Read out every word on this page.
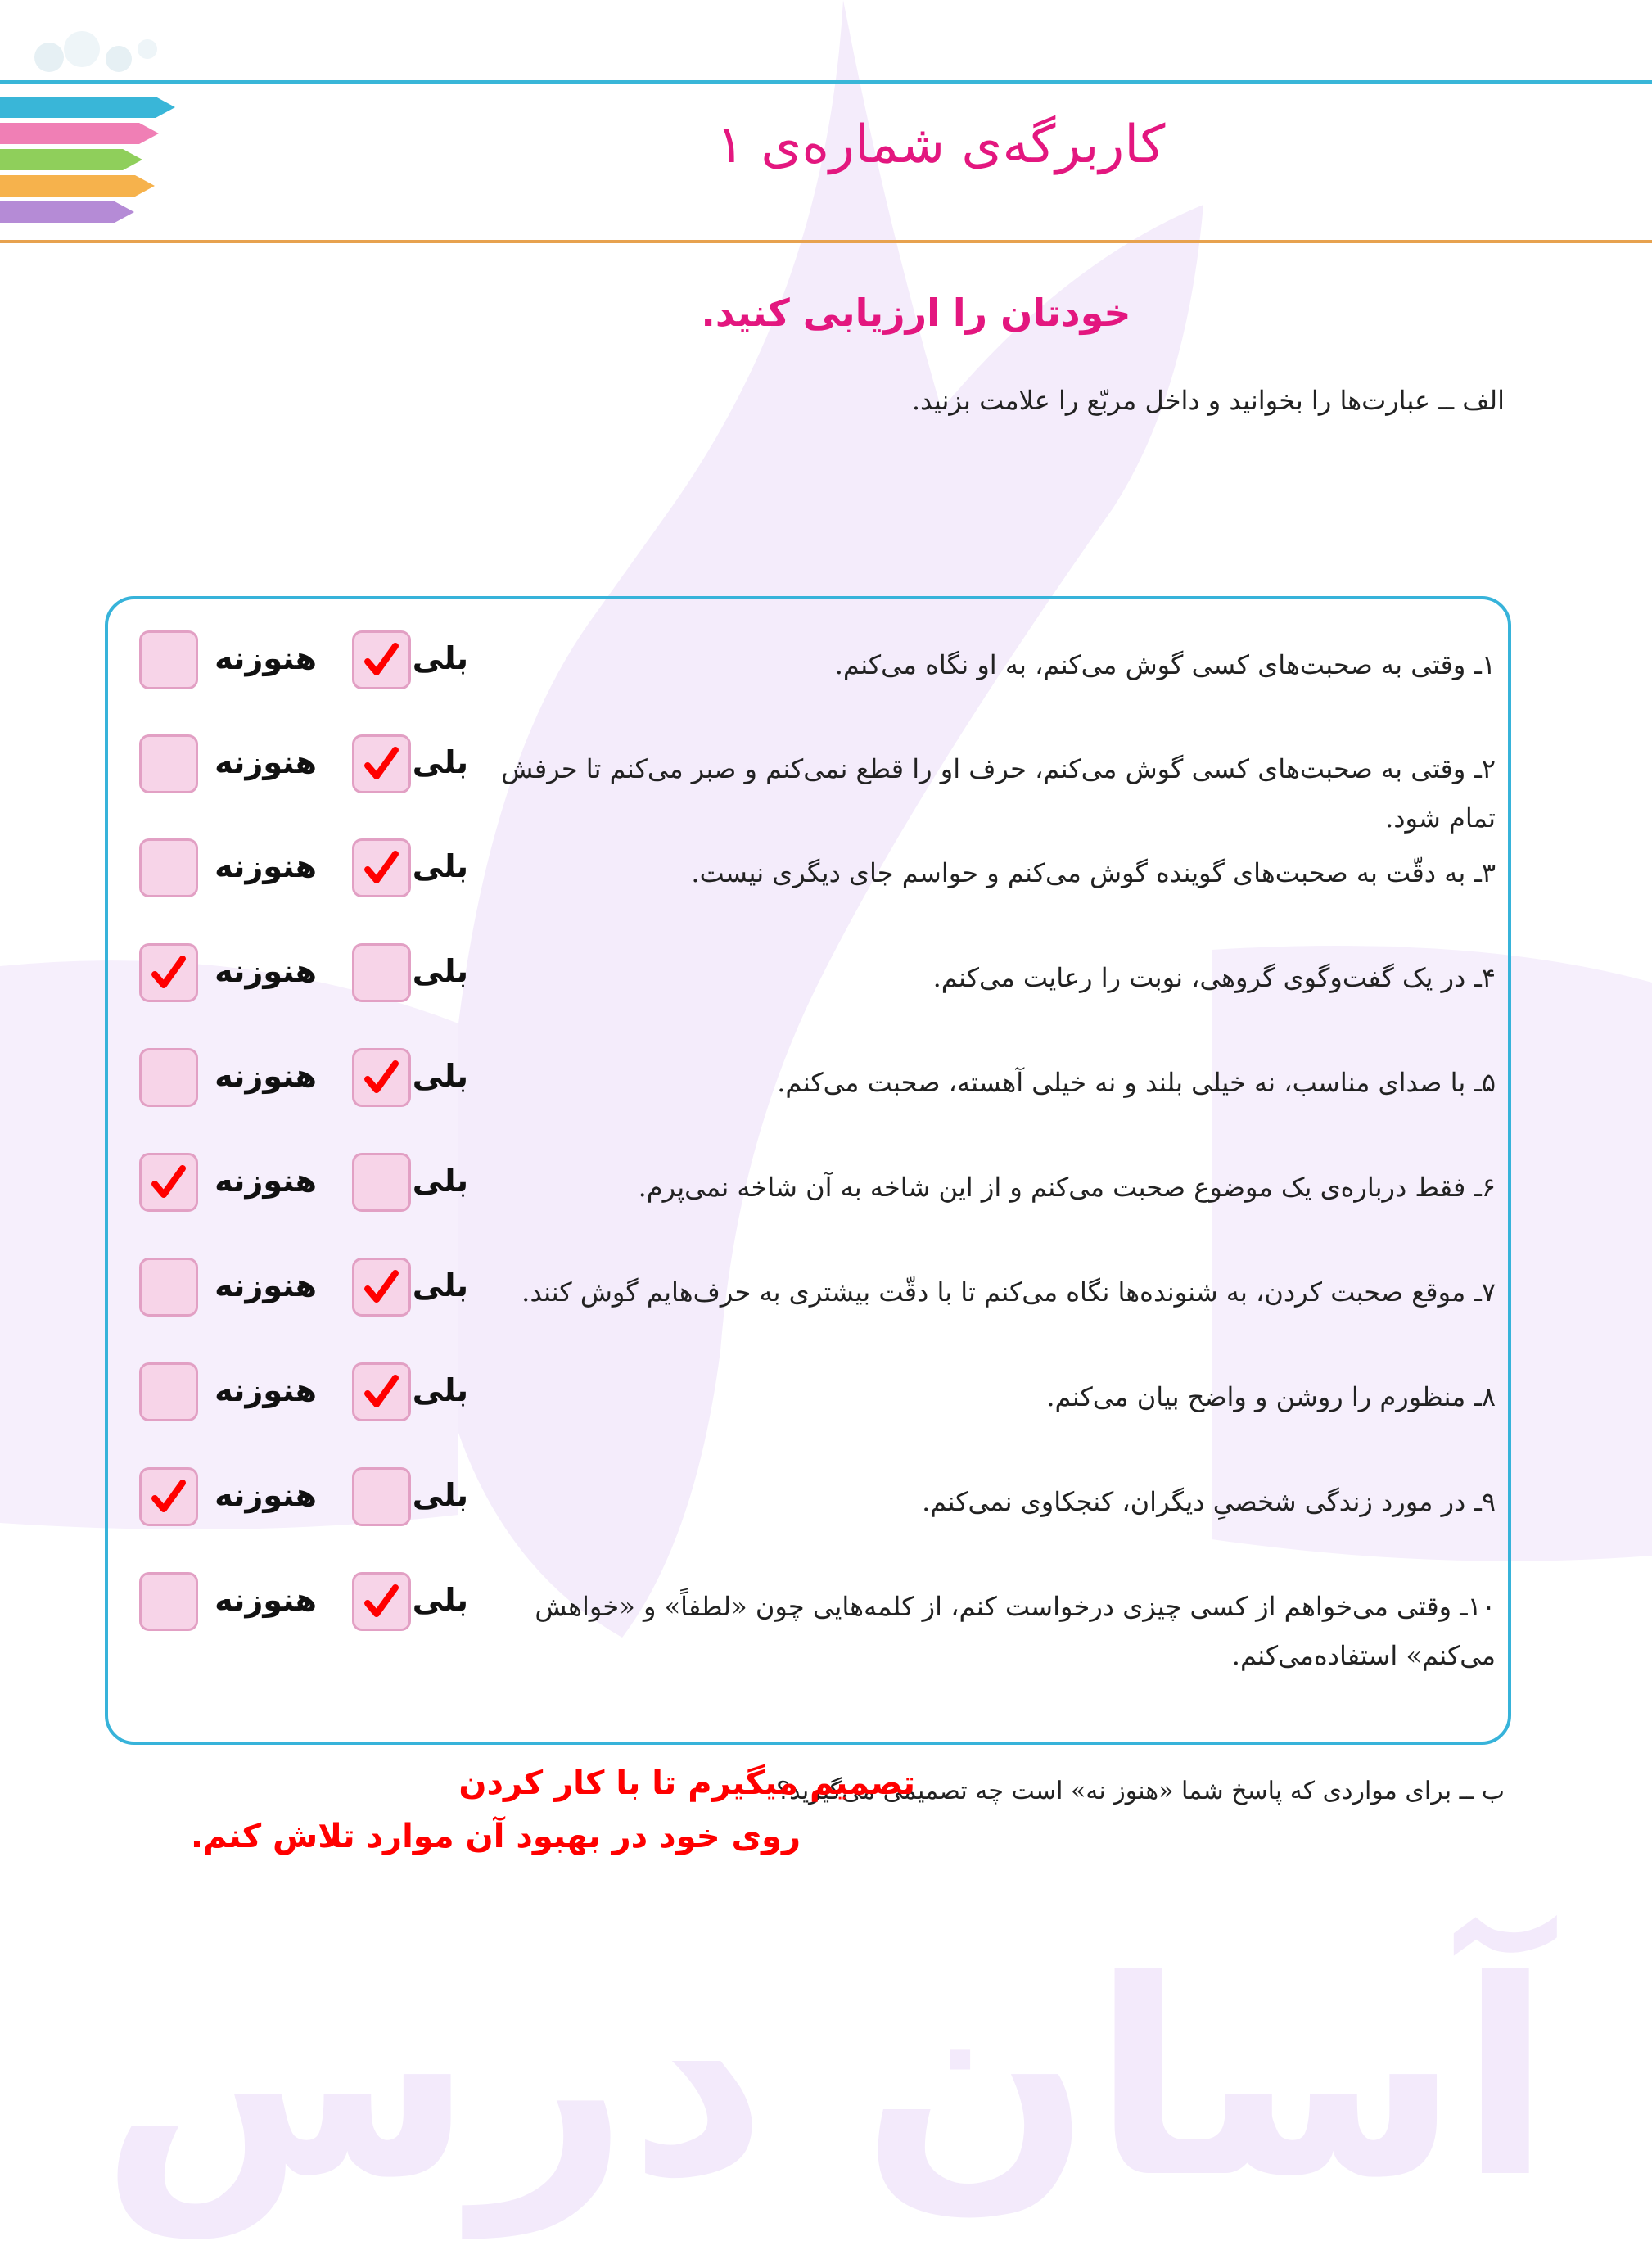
آسان درس
کاربرگه‌ی شماره‌ی ۱
خودتان را ارزیابی کنید.
الف ــ عبارت‌ها را بخوانید و داخل مربّع را علامت بزنید.
۱ـ وقتی به صحبت‌های کسی گوش می‌کنم، به او نگاه می‌کنم.
بلی
هنوزنه
۲ـ وقتی به صحبت‌های کسی گوش می‌کنم، حرف او را قطع نمی‌کنم و صبر می‌کنم تا حرفش تمام شود.
بلی
هنوزنه
۳ـ به دقّت به صحبت‌های گوینده گوش می‌کنم و حواسم جای دیگری نیست.
بلی
هنوزنه
۴ـ در یک گفت‌وگوی گروهی، نوبت را رعایت می‌کنم.
بلی
هنوزنه
۵ـ با صدای مناسب، نه خیلی بلند و نه خیلی آهسته، صحبت می‌کنم.
بلی
هنوزنه
۶ـ فقط درباره‌ی یک موضوع صحبت می‌کنم و از این شاخه به آن شاخه نمی‌پرم.
بلی
هنوزنه
۷ـ موقع صحبت کردن، به شنونده‌ها نگاه می‌کنم تا با دقّت بیشتری به حرف‌هایم گوش کنند.
بلی
هنوزنه
۸ـ منظورم را روشن و واضح بیان می‌کنم.
بلی
هنوزنه
۹ـ در مورد زندگی شخصیِ دیگران، کنجکاوی نمی‌کنم.
بلی
هنوزنه
۱۰ـ وقتی می‌خواهم از کسی چیزی درخواست کنم، از کلمه‌هایی چون «لطفاً» و «خواهش می‌کنم» استفاده‌می‌کنم.
بلی
هنوزنه
ب ــ برای مواردی که پاسخ شما «هنوز نه» است چه تصمیمی می‌گیرید؟
تصمیم میگیرم تا با کار کردن
روی خود در بهبود آن موارد تلاش کنم.
